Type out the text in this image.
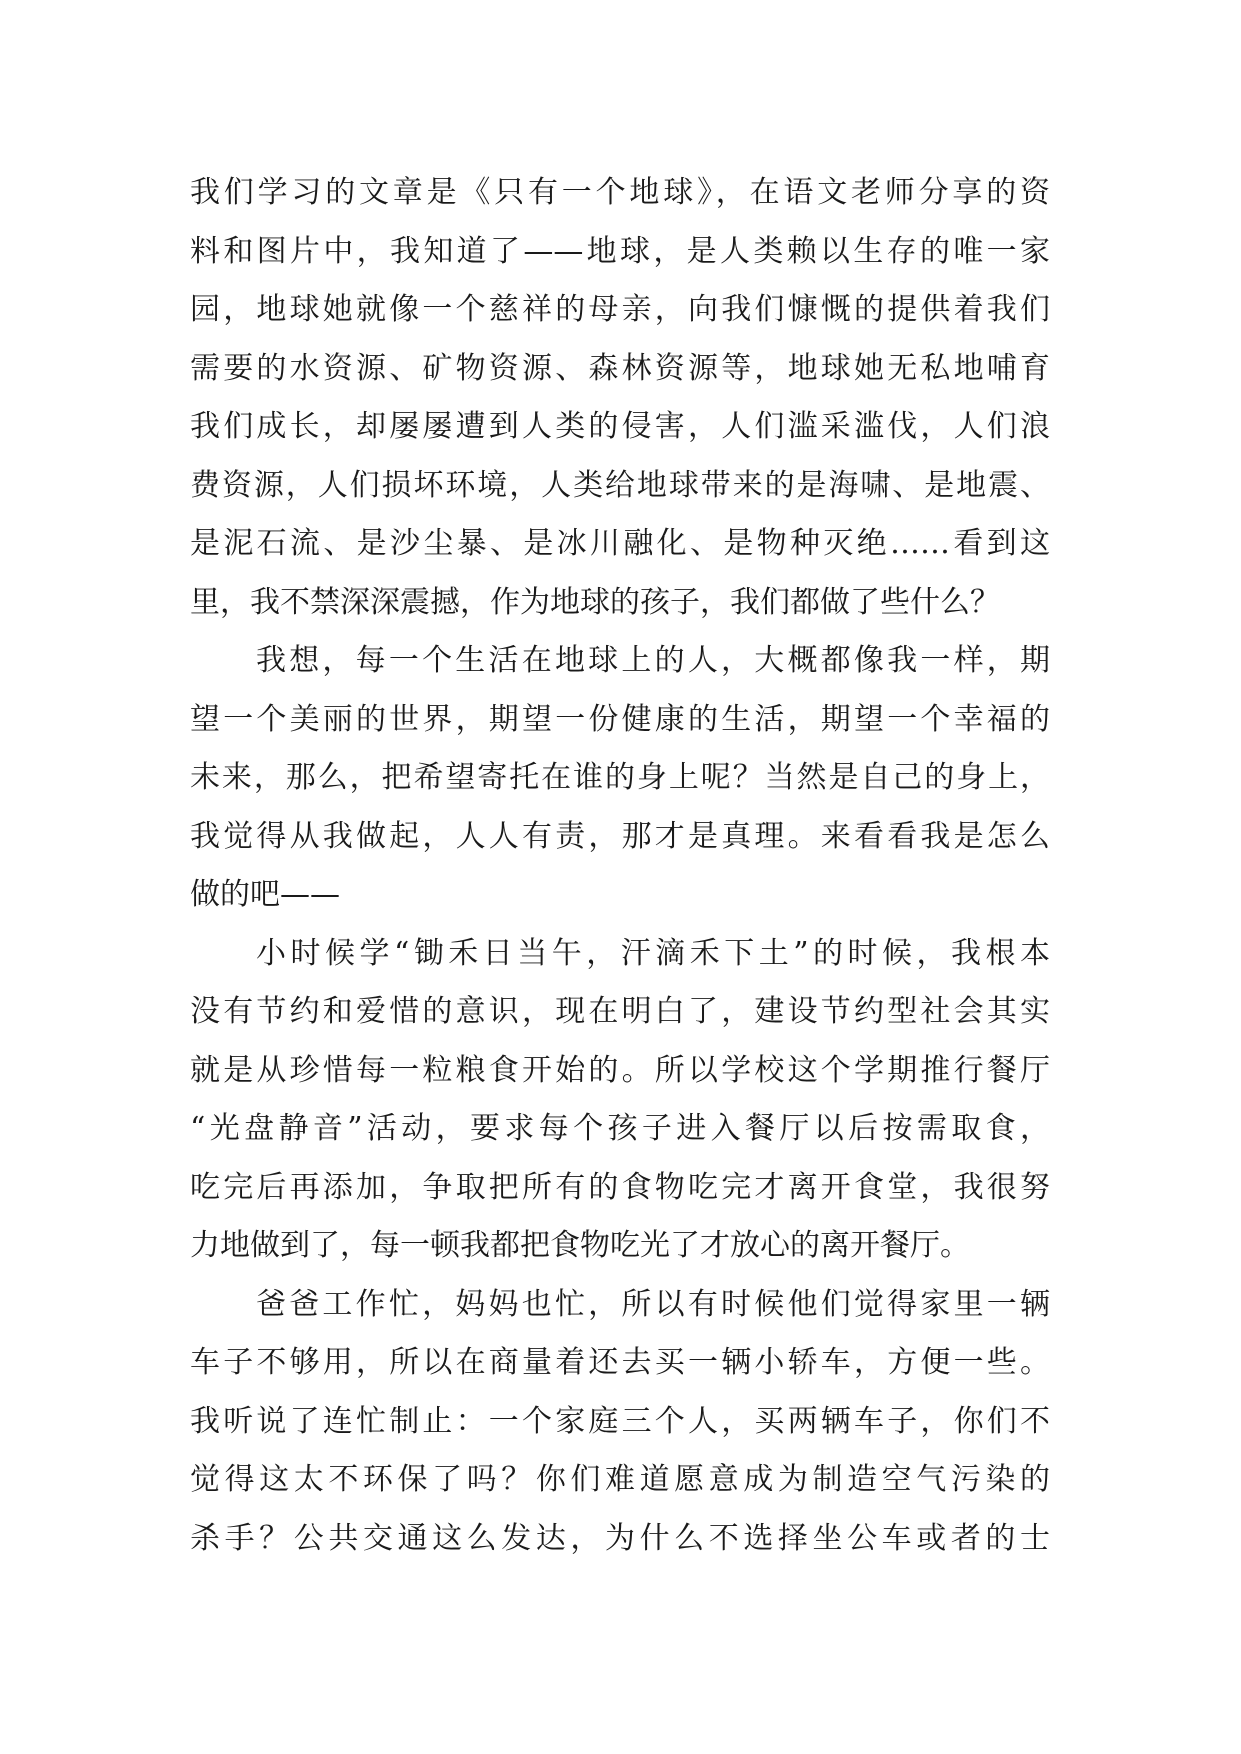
我们学习的文章是《只有一个地球》，在语文老师分享的资
料和图片中，我知道了——地球，是人类赖以生存的唯一家
园，地球她就像一个慈祥的母亲，向我们慷慨的提供着我们
需要的水资源、矿物资源、森林资源等，地球她无私地哺育
我们成长，却屡屡遭到人类的侵害，人们滥采滥伐，人们浪
费资源，人们损坏环境，人类给地球带来的是海啸、是地震、
是泥石流、是沙尘暴、是冰川融化、是物种灭绝……看到这
里，我不禁深深震撼，作为地球的孩子，我们都做了些什么？
我想，每一个生活在地球上的人，大概都像我一样，期
望一个美丽的世界，期望一份健康的生活，期望一个幸福的
未来，那么，把希望寄托在谁的身上呢？当然是自己的身上，
我觉得从我做起，人人有责，那才是真理。来看看我是怎么
做的吧——
小时候学“锄禾日当午，汗滴禾下土”的时候，我根本
没有节约和爱惜的意识，现在明白了，建设节约型社会其实
就是从珍惜每一粒粮食开始的。所以学校这个学期推行餐厅
“光盘静音”活动，要求每个孩子进入餐厅以后按需取食，
吃完后再添加，争取把所有的食物吃完才离开食堂，我很努
力地做到了，每一顿我都把食物吃光了才放心的离开餐厅。
爸爸工作忙，妈妈也忙，所以有时候他们觉得家里一辆
车子不够用，所以在商量着还去买一辆小轿车，方便一些。
我听说了连忙制止：一个家庭三个人，买两辆车子，你们不
觉得这太不环保了吗？你们难道愿意成为制造空气污染的
杀手？公共交通这么发达，为什么不选择坐公车或者的士
